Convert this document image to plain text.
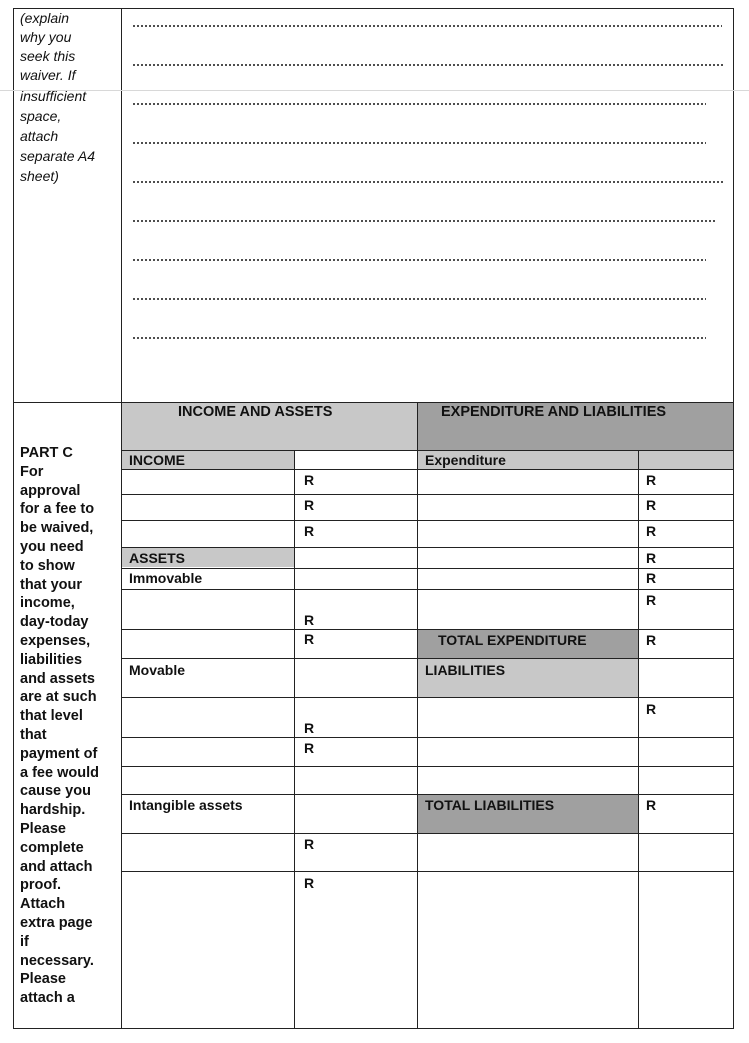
(explain
why you
seek this
waiver. If
insufficient
space,
attach
separate A4
sheet)
PART C
For
approval
for a fee to
be waived,
you need
to show
that your
income,
day-today
expenses,
liabilities
and assets
are at such
that level
that
payment of
a fee would
cause you
hardship.
Please
complete
and attach
proof.
Attach
extra page
if
necessary.
Please
attach a
INCOME AND ASSETS	EXPENDITURE AND LIABILITIES
INCOME	Expenditure
ASSETS
Immovable
Movable
Intangible assets
TOTAL EXPENDITURE
LIABILITIES
TOTAL LIABILITIES
R
R
R
R
R
R
R
R
R
R
R
R
R
R
R
R
R
R
